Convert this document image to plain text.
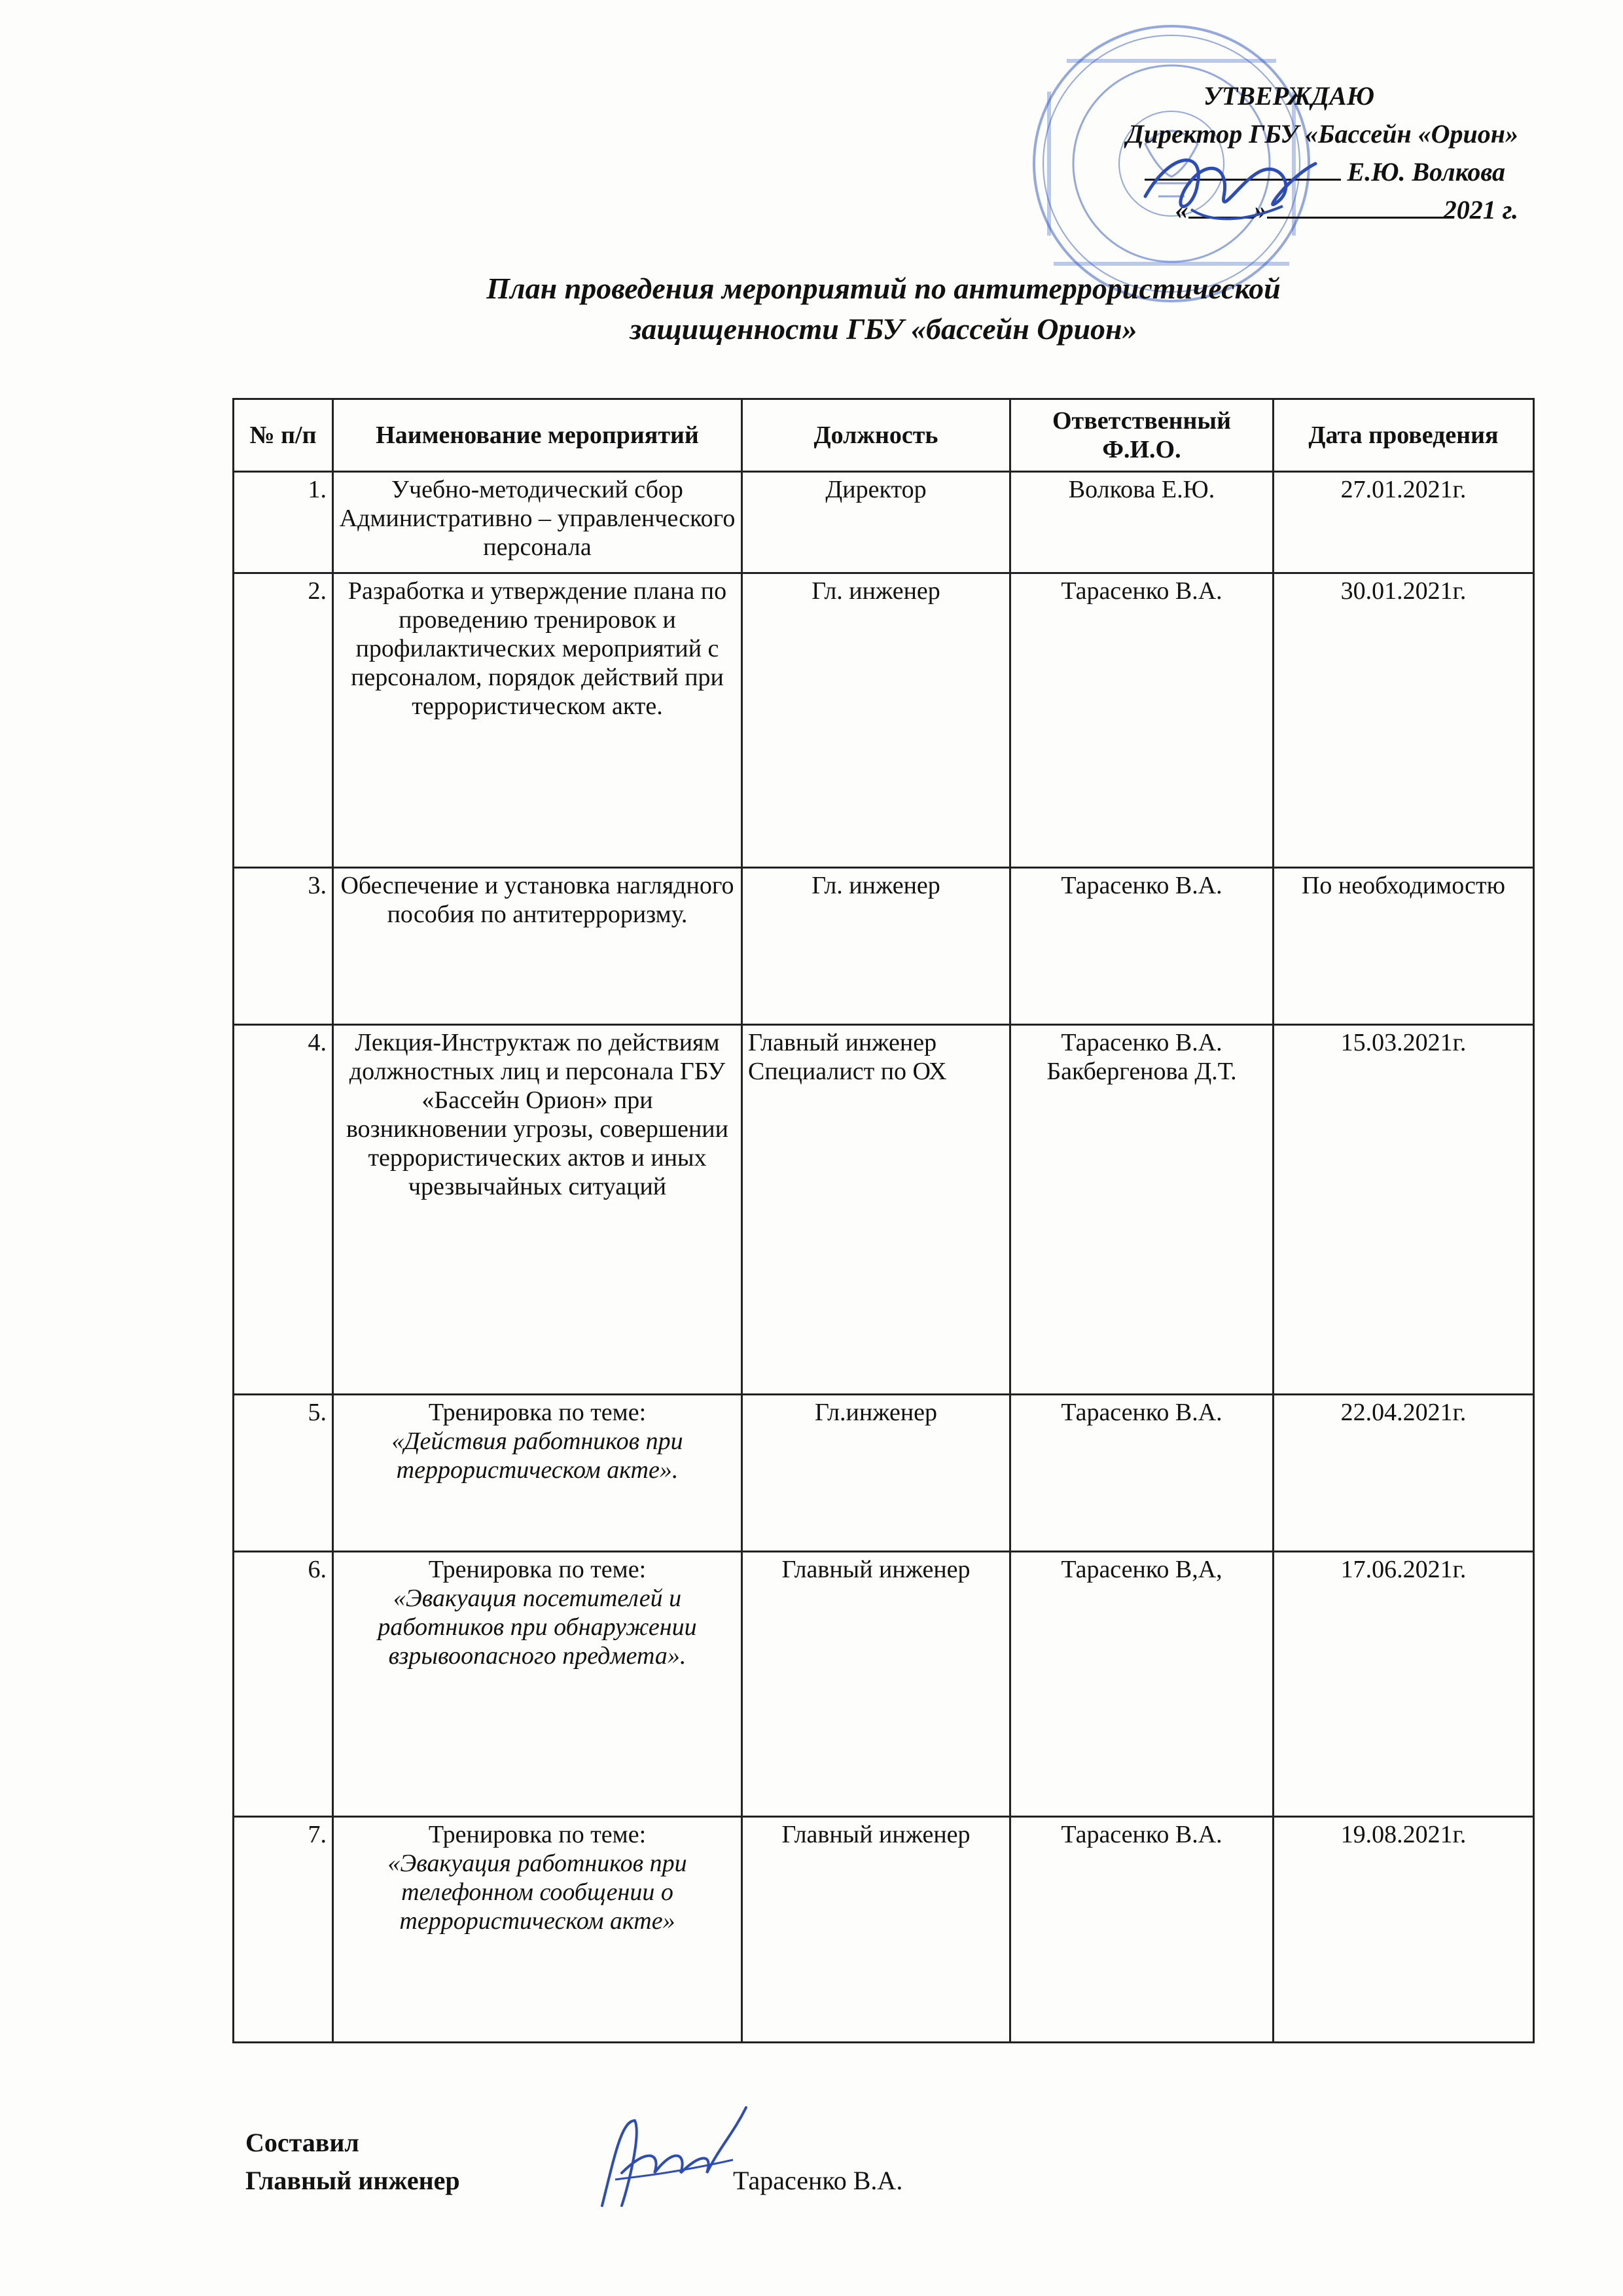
УТВЕРЖДАЮ
Директор ГБУ «Бассейн «Орион»
Е.Ю. Волкова
«	»	2021 г.
План проведения мероприятий по антитеррористической
защищенности ГБУ «бассейн Орион»
№ п/п	Наименование мероприятий	Должность	Ответственный Ф.И.О.	Дата проведения
1.	Учебно-методический сбор Административно – управленческого персонала	Директор	Волкова Е.Ю.	27.01.2021г.
2.	Разработка и утверждение плана по проведению тренировок и профилактических мероприятий с персоналом, порядок действий при террористическом акте.	Гл. инженер	Тарасенко В.А.	30.01.2021г.
3.	Обеспечение и установка наглядного пособия по антитерроризму.	Гл. инженер	Тарасенко В.А.	По необходимостю
4.	Лекция-Инструктаж по действиям должностных лиц и персонала ГБУ «Бассейн Орион» при возникновении угрозы, совершении террористических актов и иных чрезвычайных ситуаций	Главный инженер Специалист по ОХ	Тарасенко В.А. Бакбергенова Д.Т.	15.03.2021г.
5.	Тренировка по теме:
«Действия работников при террористическом акте».	Гл.инженер	Тарасенко В.А.	22.04.2021г.
6.	Тренировка по теме:
«Эвакуация посетителей и работников при обнаружении взрывоопасного предмета».	Главный инженер	Тарасенко В,А,	17.06.2021г.
7.	Тренировка по теме:
«Эвакуация работников при телефонном сообщении о террористическом акте»	Главный инженер	Тарасенко В.А.	19.08.2021г.
Составил
Главный инженер	Тарасенко В.А.
